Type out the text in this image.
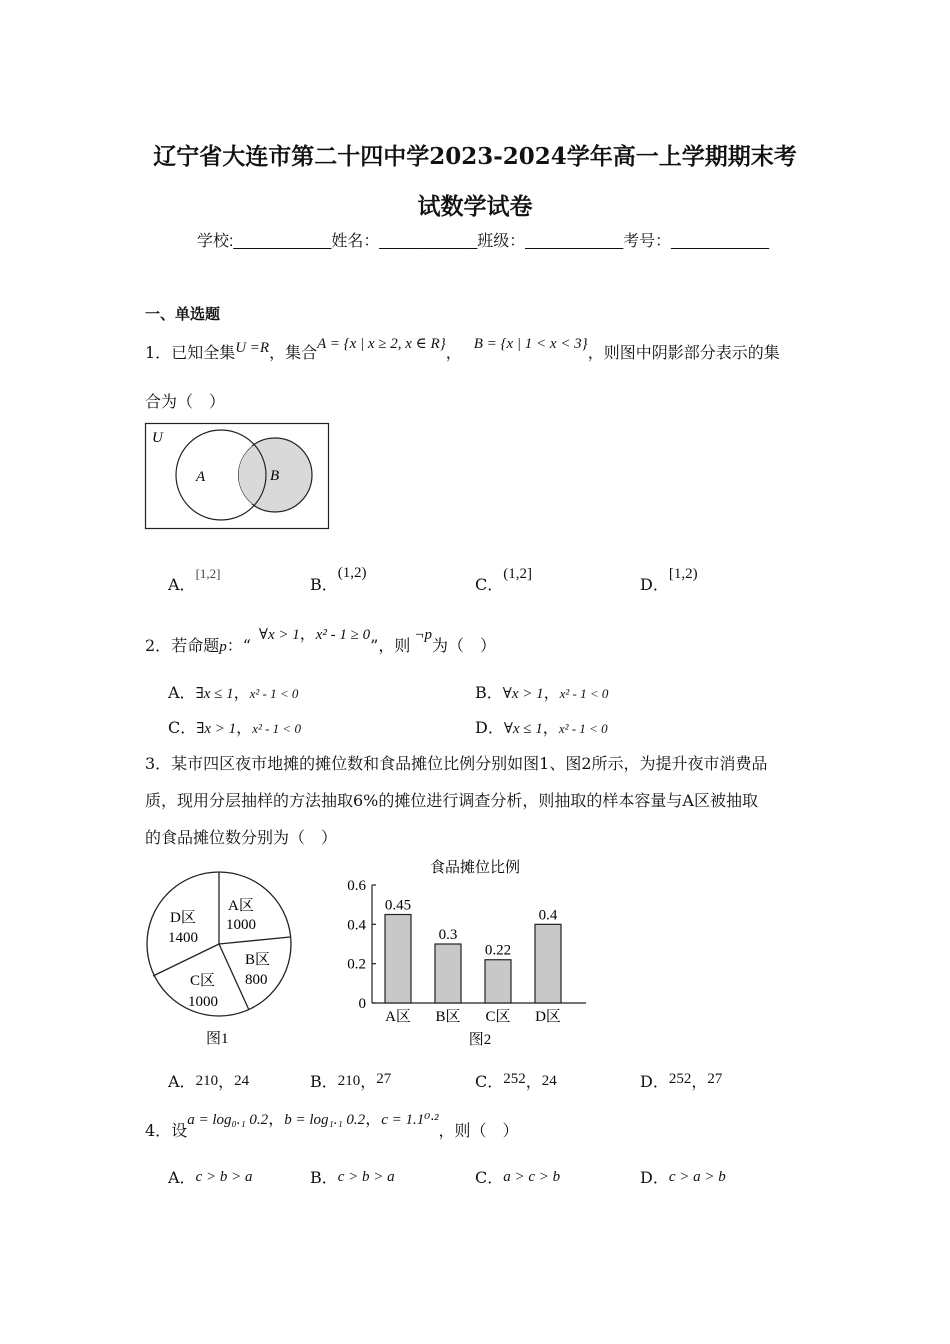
辽宁省大连市第二十四中学2023-2024学年高一上学期期末考
试数学试卷
学校:___________姓名：___________班级：___________考号：___________
一、单选题
1．已知全集U =R，集合A = {x | x ≥ 2, x ∈ R}， B = {x | 1 < x < 3}，则图中阴影部分表示的集
合为（　）
U
A	B
A．[1,2]
B．(1,2)
C．(1,2]
D．[1,2)
2．若命题p：“∀x > 1，x² - 1 ≥ 0”，则¬p为（　）
A．∃x ≤ 1，x² - 1 < 0	B．∀x > 1，x² - 1 < 0
C．∃x > 1，x² - 1 < 0	D．∀x ≤ 1，x² - 1 < 0
3．某市四区夜市地摊的摊位数和食品摊位比例分别如图1、图2所示，为提升夜市消费品
质，现用分层抽样的方法抽取6%的摊位进行调查分析，则抽取的样本容量与A区被抽取
的食品摊位数分别为（　）
A区
1000
B区
800
C区
1000
D区
1400
图1
食品摊位比例
0
0.2
0.4
0.6
0.45
A区
0.3
B区
0.22
C区
0.4
D区
图2
A．210，24	B．210，27	C．252，24	D．252，27
4．设a = log₀.₁ 0.2，b = log₁.₁ 0.2，c = 1.1⁰·²，则（　）
A．c > b > a	B．c > b > a	C．a > c > b	D．c > a > b
